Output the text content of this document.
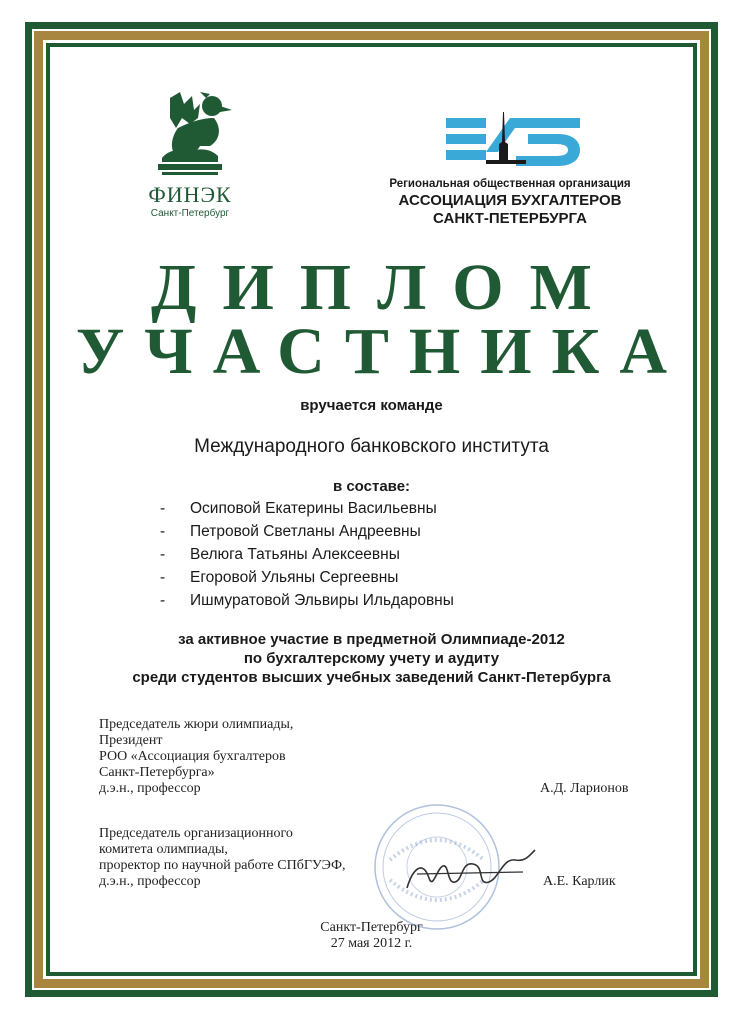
ФИНЭК
Санкт-Петербург
Региональная общественная организация
АССОЦИАЦИЯ БУХГАЛТЕРОВ
САНКТ-ПЕТЕРБУРГА
ДИПЛОМ
УЧАСТНИКА
вручается команде
Международного банковского института
в составе:
-	Осиповой Екатерины Васильевны
-	Петровой Светланы Андреевны
-	Велюга Татьяны Алексеевны
-	Егоровой Ульяны Сергеевны
-	Ишмуратовой Эльвиры Ильдаровны
за активное участие в предметной Олимпиаде-2012
по бухгалтерскому учету и аудиту
среди студентов высших учебных заведений Санкт-Петербурга
Председатель жюри олимпиады,
Президент
РОО «Ассоциация бухгалтеров
Санкт-Петербурга»
д.э.н., профессор	А.Д. Ларионов
Председатель организационного
комитета олимпиады,
проректор по научной работе СПбГУЭФ,
д.э.н., профессор	А.Е. Карлик
Санкт-Петербург
27 мая 2012 г.
